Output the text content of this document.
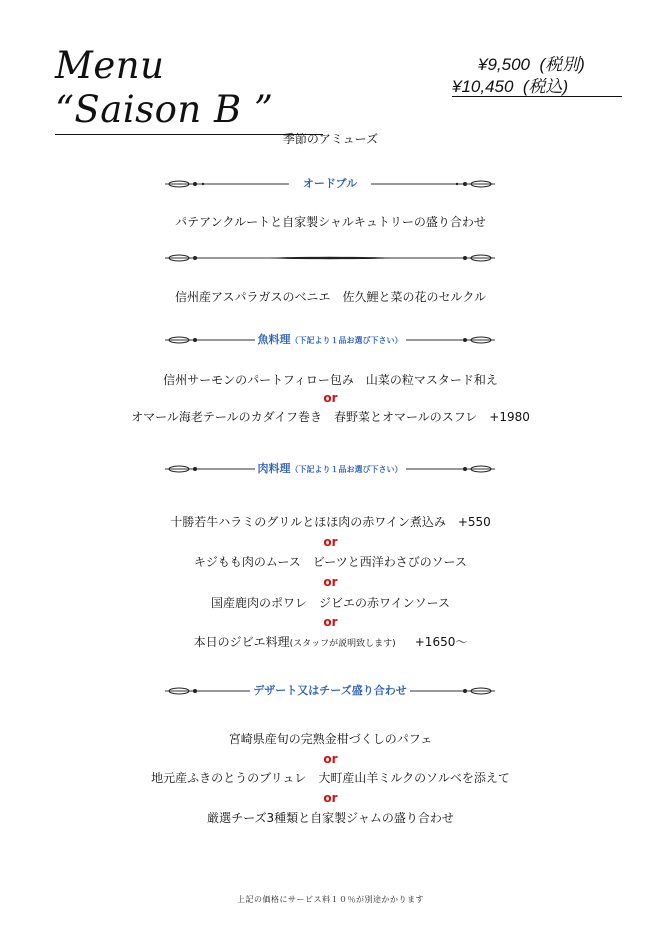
Menu “Saison B ”
¥9,500  (税別)
¥10,450  (税込)
季節のアミューズ
オードブル
パテアンクルートと自家製シャルキュトリーの盛り合わせ
信州産アスパラガスのベニエ　佐久鯉と菜の花のセルクル
魚料理（下記より１品お選び下さい）
信州サーモンのパートフィロー包み　山菜の粒マスタード和え
or
オマール海老テールのカダイフ巻き　春野菜とオマールのスフレ　+1980
肉料理（下記より１品お選び下さい）
十勝若牛ハラミのグリルとほほ肉の赤ワイン煮込み　+550
or
キジもも肉のムース　ビーツと西洋わさびのソース
or
国産鹿肉のポワレ　ジビエの赤ワインソース
or
本日のジビエ料理(スタッフが説明致します) +1650～
デザート又はチーズ盛り合わせ
宮崎県産旬の完熟金柑づくしのパフェ
or
地元産ふきのとうのブリュレ　大町産山羊ミルクのソルベを添えて
or
厳選チーズ3種類と自家製ジャムの盛り合わせ
上記の価格にサービス料１０％が別途かかります
